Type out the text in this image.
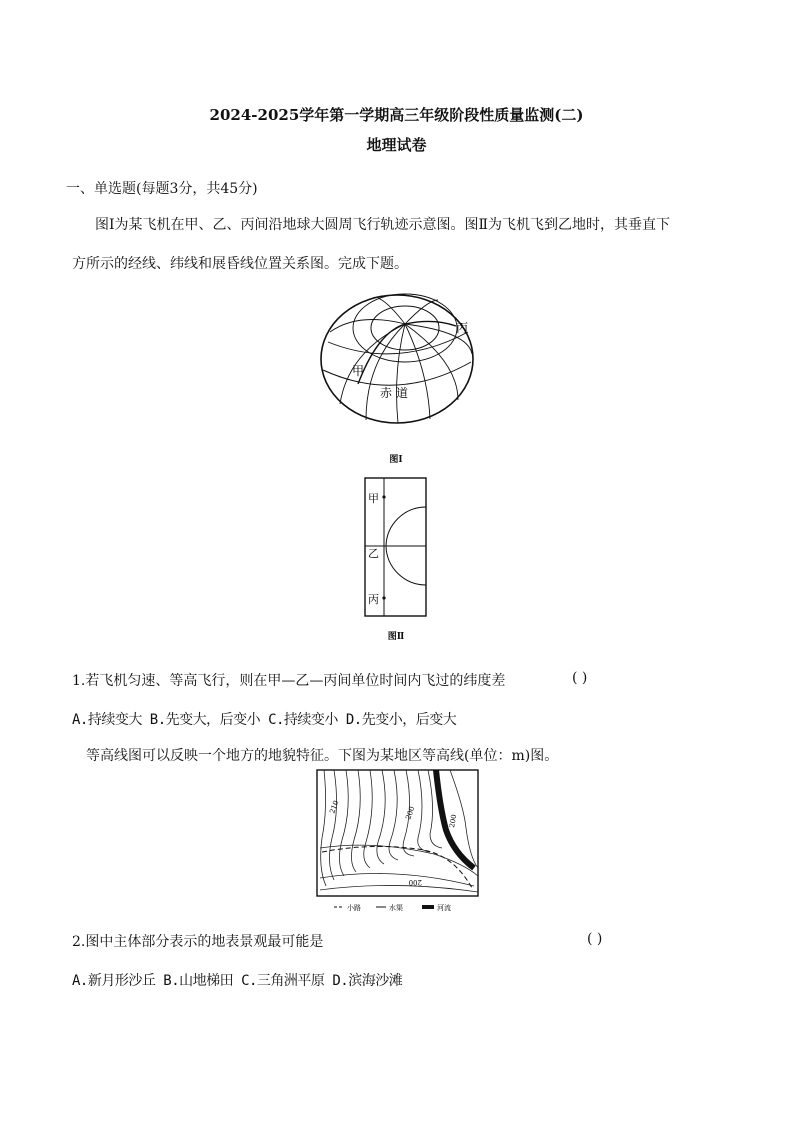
2024-2025学年第一学期高三年级阶段性质量监测(二)
地理试卷
一、单选题(每题3分，共45分)
图Ⅰ为某飞机在甲、乙、丙间沿地球大圆周飞行轨迹示意图。图Ⅱ为飞机飞到乙地时，其垂直下
方所示的经线、纬线和展昏线位置关系图。完成下题。
甲
丙
赤道
图Ⅰ
甲
乙
丙
图Ⅱ
1.若飞机匀速、等高飞行，则在甲—乙—丙间单位时间内飞过的纬度差	( )
A.持续变大 B.先变大，后变小 C.持续变小 D.先变小，后变大
等高线图可以反映一个地方的地貌特征。下图为某地区等高线(单位：m)图。
210	200
200
200
小路	水渠	河流
2.图中主体部分表示的地表景观最可能是	( )
A.新月形沙丘 B.山地梯田 C.三角洲平原 D.滨海沙滩
